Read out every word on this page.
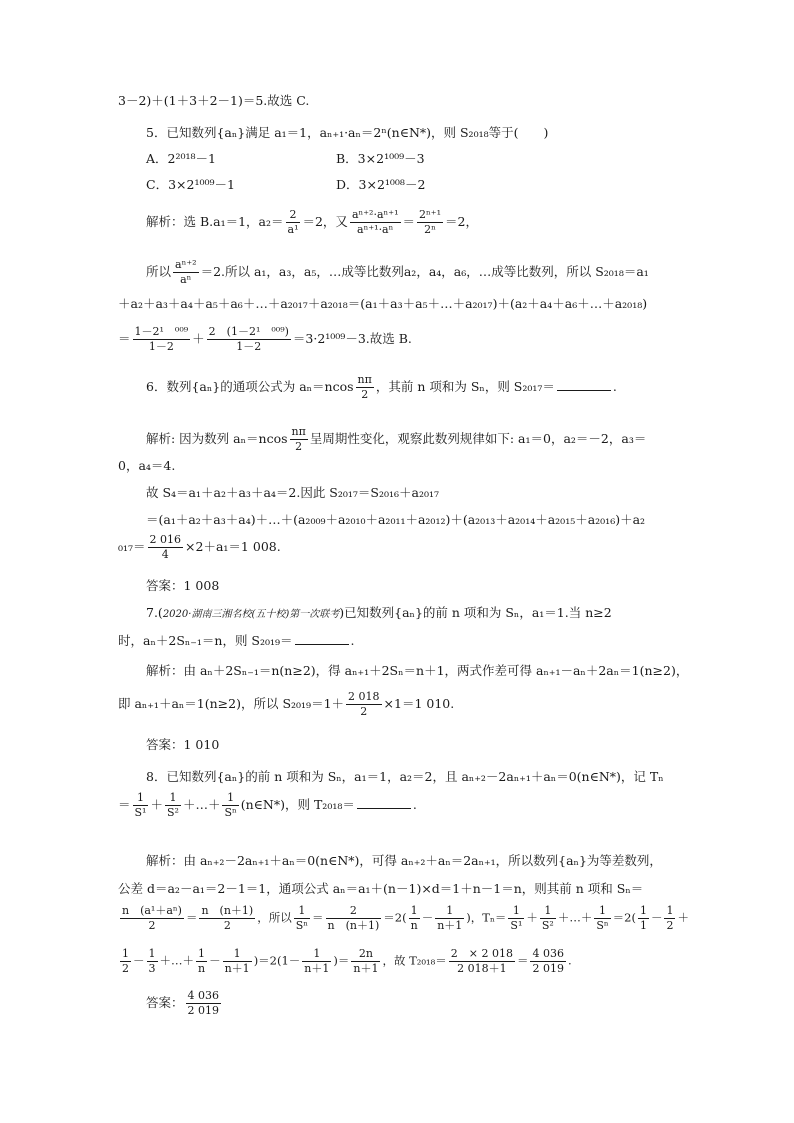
3－2)＋(1＋3＋2－1)＝5.故选 C.
5．已知数列{aₙ}满足 a₁＝1，aₙ₊₁·aₙ＝2ⁿ(n∈N*)，则 S₂₀₁₈等于(　　)
A．2²⁰¹⁸－1	B．3×2¹⁰⁰⁹－3
C．3×2¹⁰⁰⁹－1	D．3×2¹⁰⁰⁸－2
解析：选 B.a₁＝1，$a_2= \frac{2}{\text{a¹}} =2$，又 $\frac{\text{aⁿ⁺²·aⁿ⁺¹}}{\text{aⁿ⁺¹·aⁿ}} = \frac{\text{2ⁿ⁺¹}}{\text{2ⁿ}} =2$，
所以 $\frac{\text{aⁿ⁺²}}{\text{aⁿ}} =2$.所以 a₁，a₃，a₅，…成等比数列a₂，a₄，a₆，…成等比数列，所以 S₂₀₁₈＝a₁
＋a₂＋a₃＋a₄＋a₅＋a₆＋…＋a₂₀₁₇＋a₂₀₁₈＝(a₁＋a₃＋a₅＋…＋a₂₀₁₇)＋(a₂＋a₄＋a₆＋…＋a₂₀₁₈)
＝ $\frac{\text{1－2¹　⁰⁰⁹}}{1-2} + \frac{\text{2　(1－2¹　⁰⁰⁹)}}{1-2} =3\cdot 2^{1009}-3$.故选 B.
6．数列{aₙ}的通项公式为 $a_n=ncos \frac{n\pi}{2}$ ，其前 n 项和为 Sₙ，则 S₂₀₁₇＝	.
解析: 因为数列 $a_n=ncos \frac{n\pi}{2}$ 呈周期性变化，观察此数列规律如下: a₁＝0，a₂＝－2，a₃＝
0，a₄＝4.
故 S₄＝a₁＋a₂＋a₃＋a₄＝2.因此 S₂₀₁₇＝S₂₀₁₆＋a₂₀₁₇
＝(a₁＋a₂＋a₃＋a₄)＋…＋(a₂₀₀₉＋a₂₀₁₀＋a₂₀₁₁＋a₂₀₁₂)＋(a₂₀₁₃＋a₂₀₁₄＋a₂₀₁₅＋a₂₀₁₆)＋a₂
$_{017}= \frac{2 016}{4} \times 2+a_1=1$ 008.
答案：1 008
7.(2020·湖南三湘名校(五十校)第一次联考)已知数列{aₙ}的前 n 项和为 Sₙ，a₁＝1.当 n≥2
时，aₙ＋2Sₙ₋₁＝n，则 S₂₀₁₉＝	.
解析：由 aₙ＋2Sₙ₋₁＝n(n≥2)，得 aₙ₊₁＋2Sₙ＝n＋1，两式作差可得 aₙ₊₁－aₙ＋2aₙ＝1(n≥2)，
即 aₙ₊₁＋aₙ＝1(n≥2)，所以 $S_{2019}=1+ \frac{2 018}{2} \times 1=1$ 010.
答案：1 010
8．已知数列{aₙ}的前 n 项和为 Sₙ，a₁＝1，a₂＝2，且 aₙ₊₂－2aₙ₊₁＋aₙ＝0(n∈N*)，记 Tₙ
＝ $\frac{1}{\text{S¹}} + \frac{1}{\text{S²}}$ ＋…＋ $\frac{1}{\text{Sⁿ}}$ (n∈N*)，则 T₂₀₁₈＝	.
解析：由 aₙ₊₂－2aₙ₊₁＋aₙ＝0(n∈N*)，可得 aₙ₊₂＋aₙ＝2aₙ₊₁，所以数列{aₙ}为等差数列，
公差 d＝a₂－a₁＝2－1＝1，通项公式 aₙ＝a₁＋(n－1)×d＝1＋n－1＝n，则其前 n 项和 Sₙ＝
$\frac{\text{n　(a¹＋aⁿ)}}{2} = \frac{n (n+1)}{2}$ ，所以 $\frac{1}{\text{Sⁿ}} = \frac{2}{n (n+1)} =2( \frac{1}{n} - \frac{1}{n+1}$ )，$T_n= \frac{1}{\text{S¹}} + \frac{1}{\text{S²}}$ ＋…＋ $\frac{1}{\text{Sⁿ}} =2( \frac{1}{1} - \frac{1}{2}$ ＋
$\frac{1}{2} - \frac{1}{3}$ ＋…＋ $\frac{1}{n} - \frac{1}{n+1} )=2(1- \frac{1}{n+1}$ )＝ $\frac{2n}{n+1}$ ，故 $T_{2018}= \frac{2 \times 2 018}{2 018+1} = \frac{4 036}{2 019}$ .
答案： $\frac{4 036}{2 019}$
